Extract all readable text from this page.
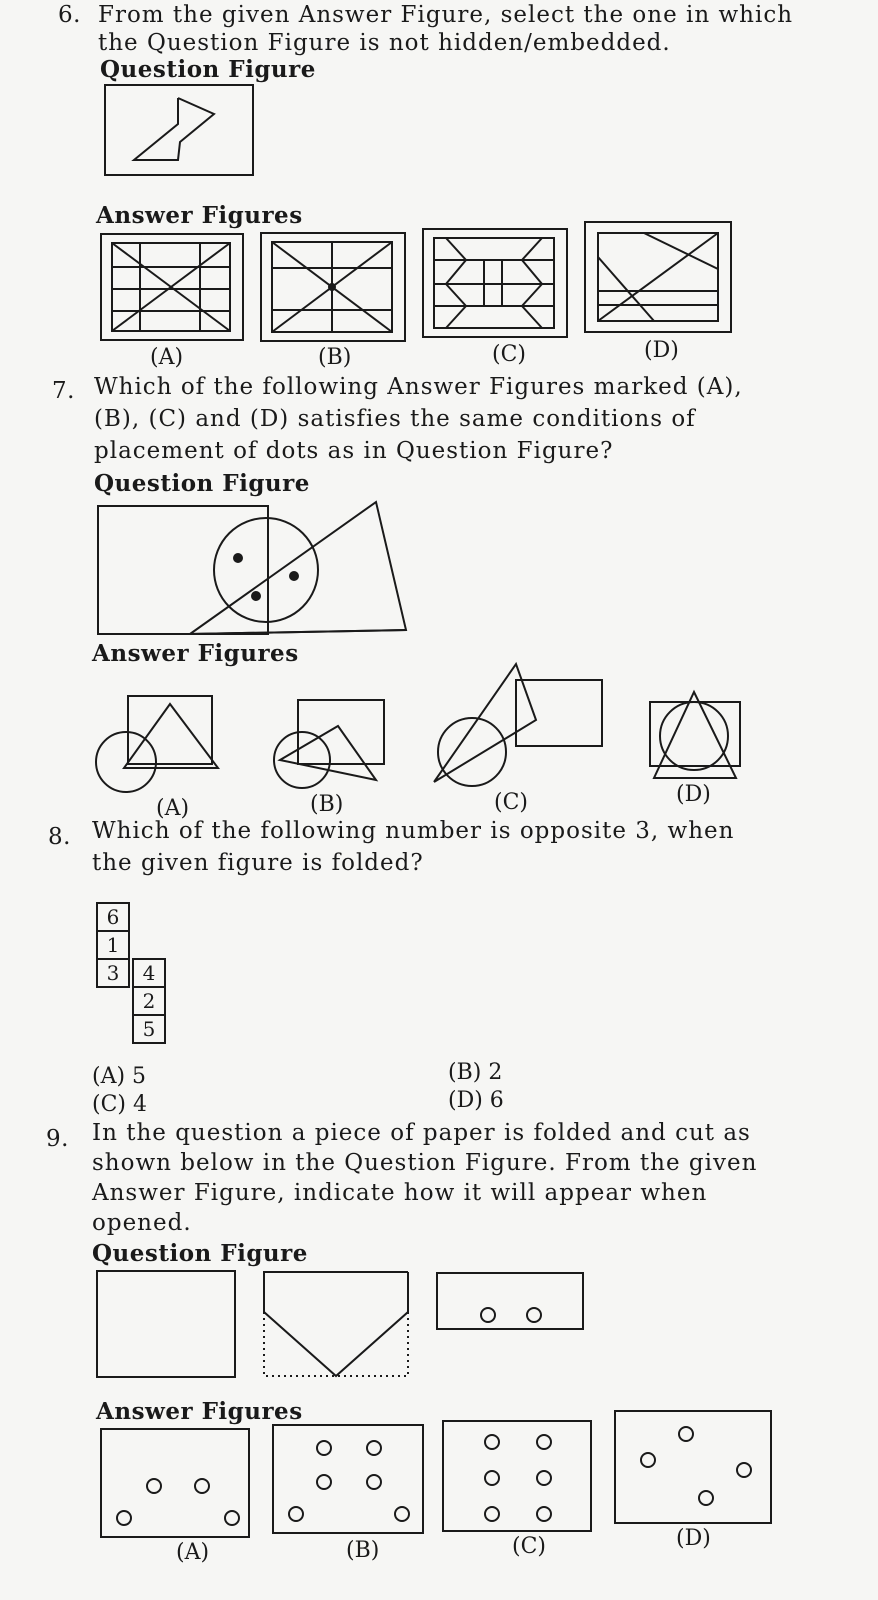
6. From the given Answer Figure, select the one in which
the Question Figure is not hidden/embedded.
Question Figure
Answer Figures
(A)	(B)	(C)	(D)
7. Which of the following Answer Figures marked (A),
(B), (C) and (D) satisfies the same conditions of
placement of dots as in Question Figure?
Question Figure
Answer Figures
(A)	(B)	(C)	(D)
8. Which of the following number is opposite 3, when
the given figure is folded?
6
1
3	4
2
5
(A) 5	(B) 2
(C) 4	(D) 6
9. In the question a piece of paper is folded and cut as
shown below in the Question Figure. From the given
Answer Figure, indicate how it will appear when
opened.
Question Figure
Answer Figures
(A)	(B)	(C)	(D)
